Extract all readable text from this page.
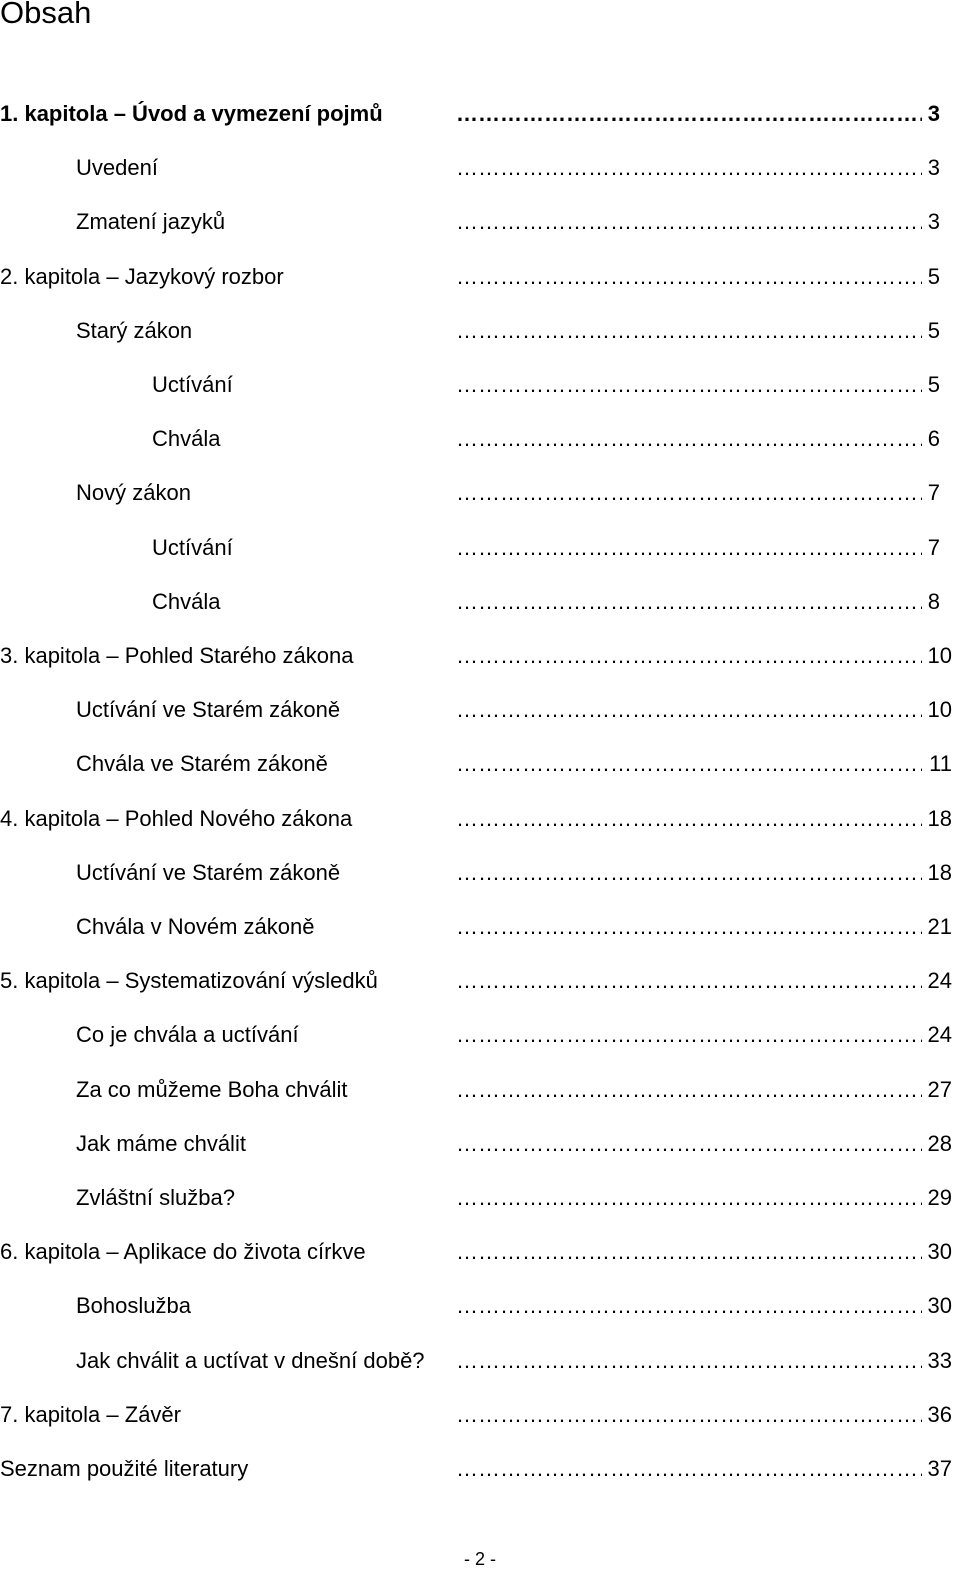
Obsah
1. kapitola – Úvod a vymezení pojmů ………………………………………………………………………………	3
Uvedení ………………………………………………………………………………	3
Zmatení jazyků ………………………………………………………………………………	3
2. kapitola – Jazykový rozbor ………………………………………………………………………………	5
Starý zákon ………………………………………………………………………………	5
Uctívání ………………………………………………………………………………	5
Chvála ………………………………………………………………………………	6
Nový zákon ………………………………………………………………………………	7
Uctívání ………………………………………………………………………………	7
Chvála ………………………………………………………………………………	8
3. kapitola – Pohled Starého zákona ………………………………………………………………………………	10
Uctívání ve Starém zákoně ………………………………………………………………………………	10
Chvála ve Starém zákoně ………………………………………………………………………………	11
4. kapitola – Pohled Nového zákona ………………………………………………………………………………	18
Uctívání ve Starém zákoně ………………………………………………………………………………	18
Chvála v Novém zákoně ………………………………………………………………………………	21
5. kapitola – Systematizování výsledků ………………………………………………………………………………	24
Co je chvála a uctívání ………………………………………………………………………………	24
Za co můžeme Boha chválit ………………………………………………………………………………	27
Jak máme chválit ………………………………………………………………………………	28
Zvláštní služba? ………………………………………………………………………………	29
6. kapitola – Aplikace do života církve ………………………………………………………………………………	30
Bohoslužba ………………………………………………………………………………	30
Jak chválit a uctívat v dnešní době? ………………………………………………………………………………	33
7. kapitola – Závěr ………………………………………………………………………………	36
Seznam použité literatury ………………………………………………………………………………	37
- 2 -
